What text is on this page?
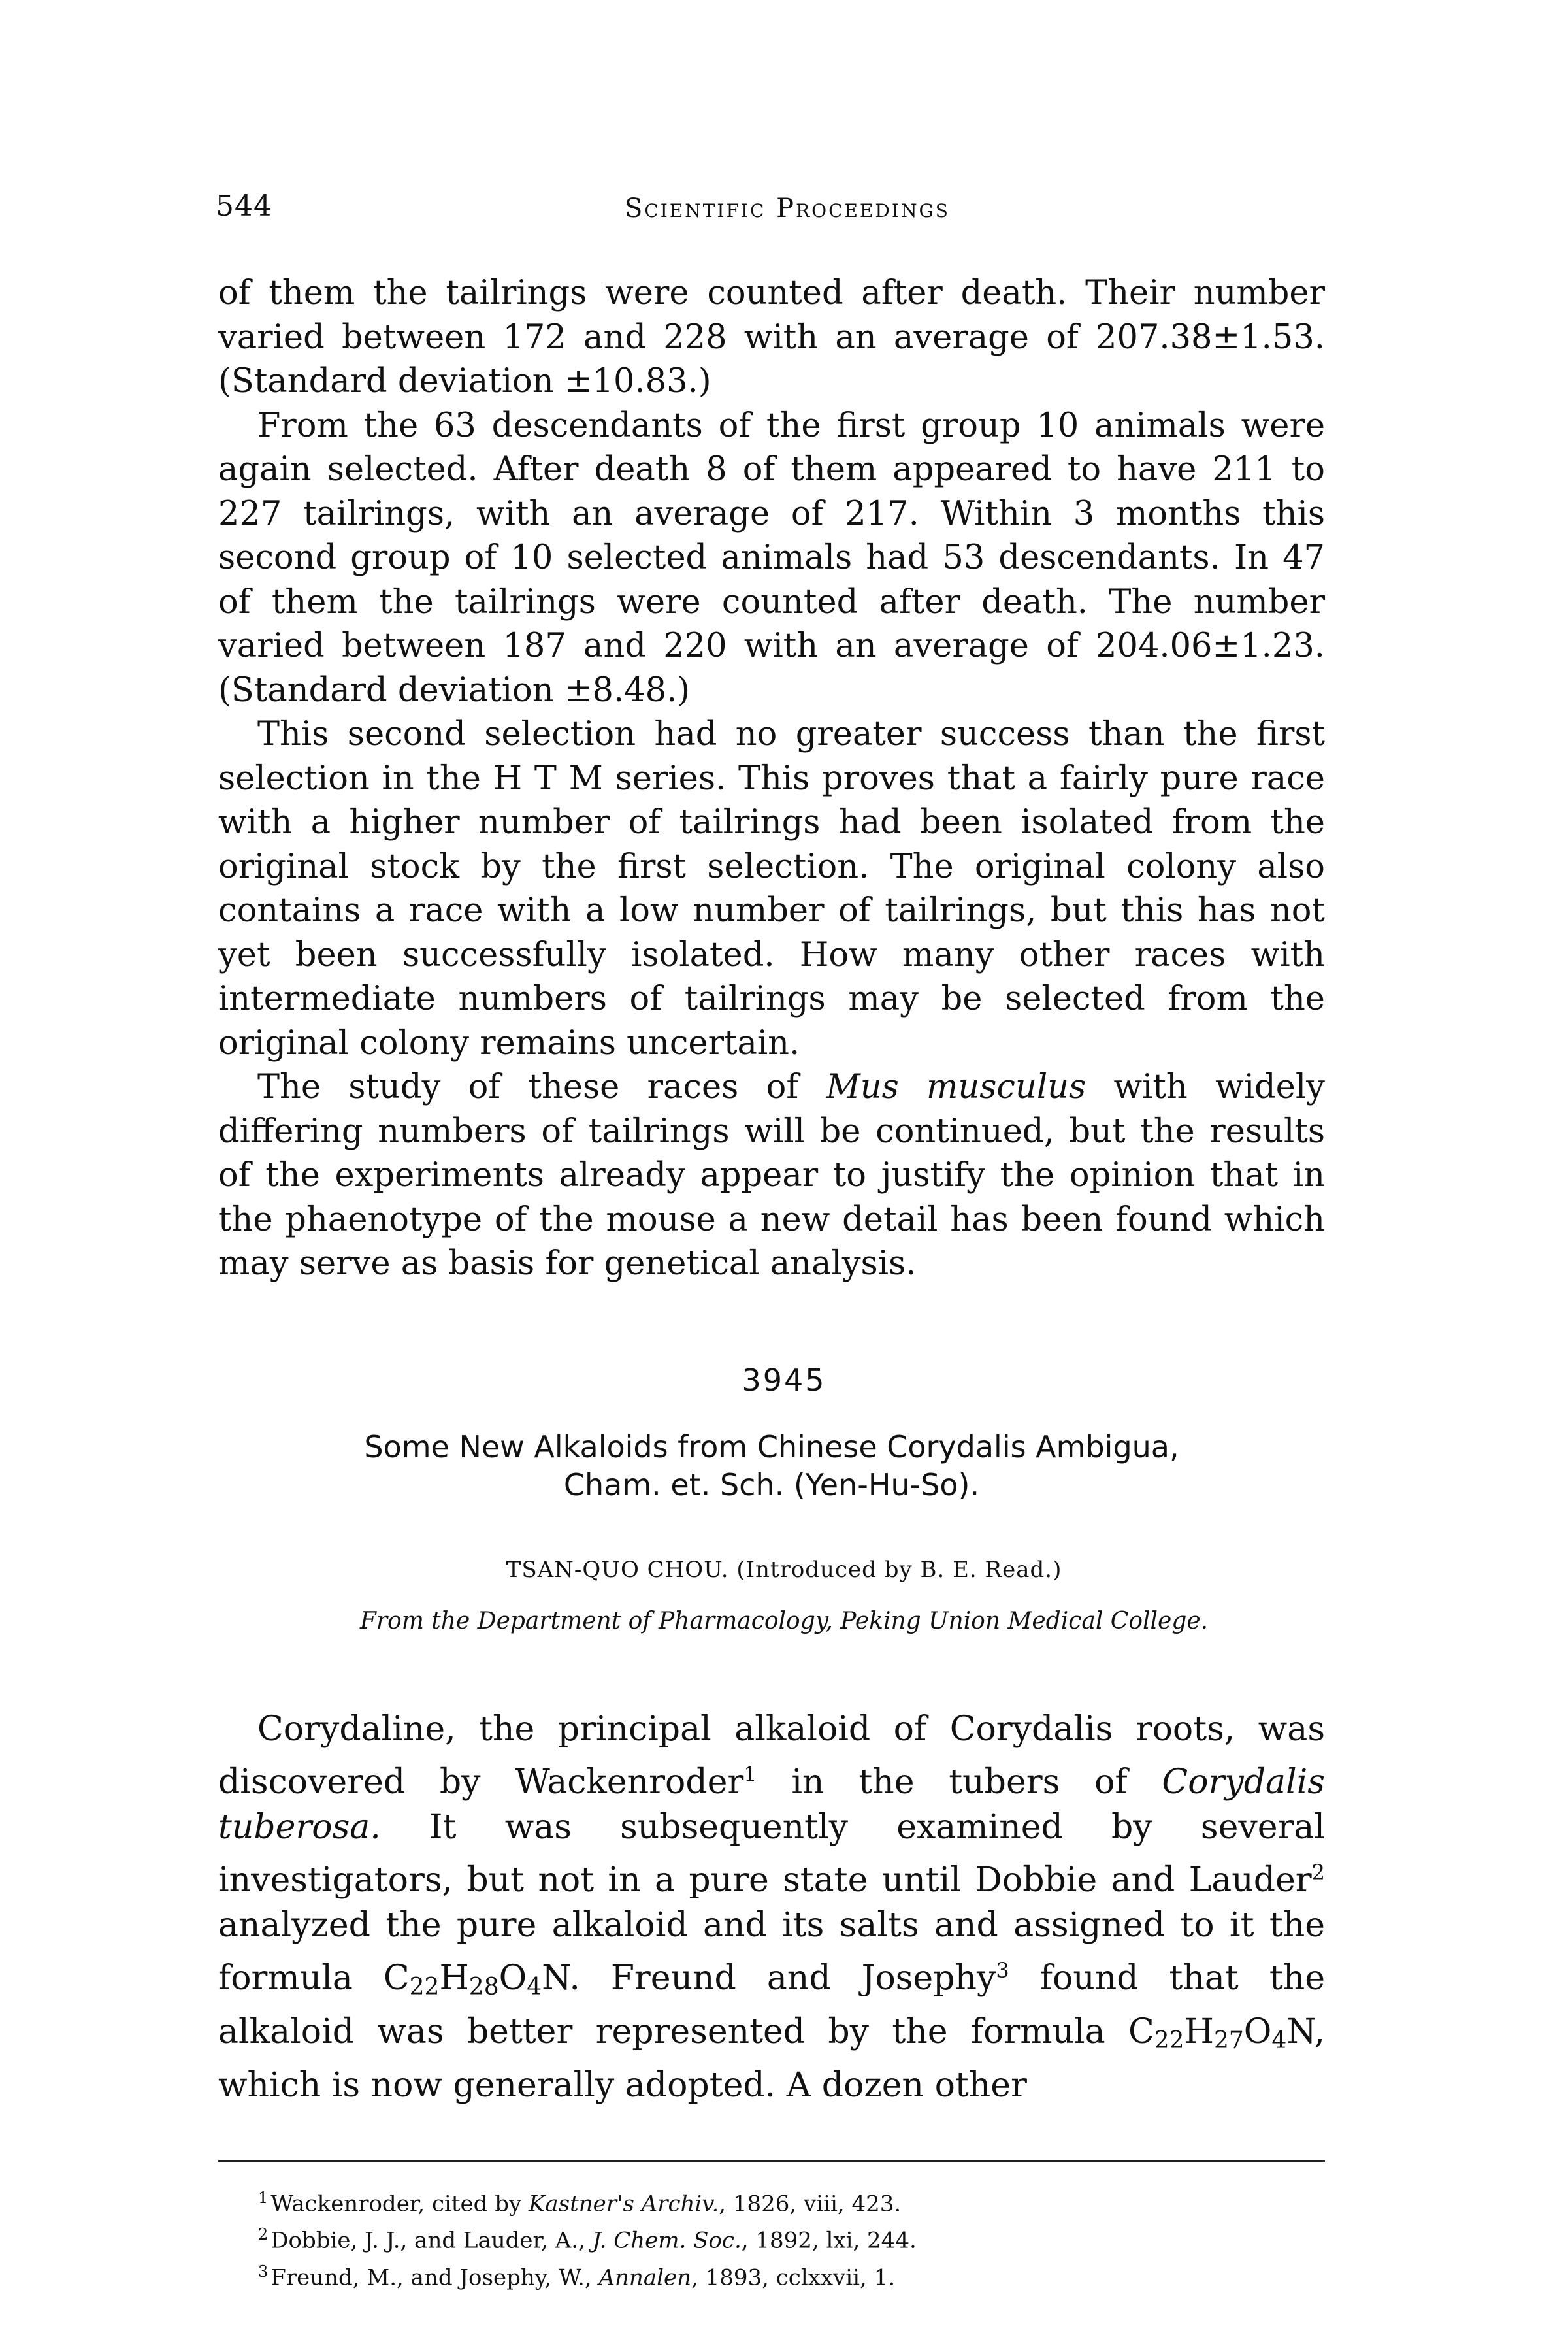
544	Scientific Proceedings

of them the tailrings were counted after death. Their number varied between 172 and 228 with an average of 207.38±1.53. (Standard deviation ±10.83.)

From the 63 descendants of the first group 10 animals were again selected. After death 8 of them appeared to have 211 to 227 tailrings, with an average of 217. Within 3 months this second group of 10 selected animals had 53 descendants. In 47 of them the tailrings were counted after death. The number varied between 187 and 220 with an average of 204.06±1.23. (Standard deviation ±8.48.)

This second selection had no greater success than the first selection in the H T M series. This proves that a fairly pure race with a higher number of tailrings had been isolated from the original stock by the first selection. The original colony also contains a race with a low number of tailrings, but this has not yet been successfully isolated. How many other races with intermediate numbers of tailrings may be selected from the original colony remains uncertain.

The study of these races of Mus musculus with widely differing numbers of tailrings will be continued, but the results of the experiments already appear to justify the opinion that in the phaenotype of the mouse a new detail has been found which may serve as basis for genetical analysis.

3945
Some New Alkaloids from Chinese Corydalis Ambigua,
Cham. et. Sch. (Yen-Hu-So).
TSAN-QUO CHOU. (Introduced by B. E. Read.)
From the Department of Pharmacology, Peking Union Medical College.

Corydaline, the principal alkaloid of Corydalis roots, was discovered by Wackenroder$^1$ in the tubers of Corydalis tuberosa. It was subsequently examined by several investigators, but not in a pure state until Dobbie and Lauder$^2$ analyzed the pure alkaloid and its salts and assigned to it the formula $C_{22}H_{28}O_4N$. Freund and Josephy$^3$ found that the alkaloid was better represented by the formula $C_{22}H_{27}O_4N$, which is now generally adopted. A dozen other

$^1$ Wackenroder, cited by Kastner's Archiv., 1826, viii, 423.

$^2$ Dobbie, J. J., and Lauder, A., J. Chem. Soc., 1892, lxi, 244.

$^3$ Freund, M., and Josephy, W., Annalen, 1893, cclxxvii, 1.
